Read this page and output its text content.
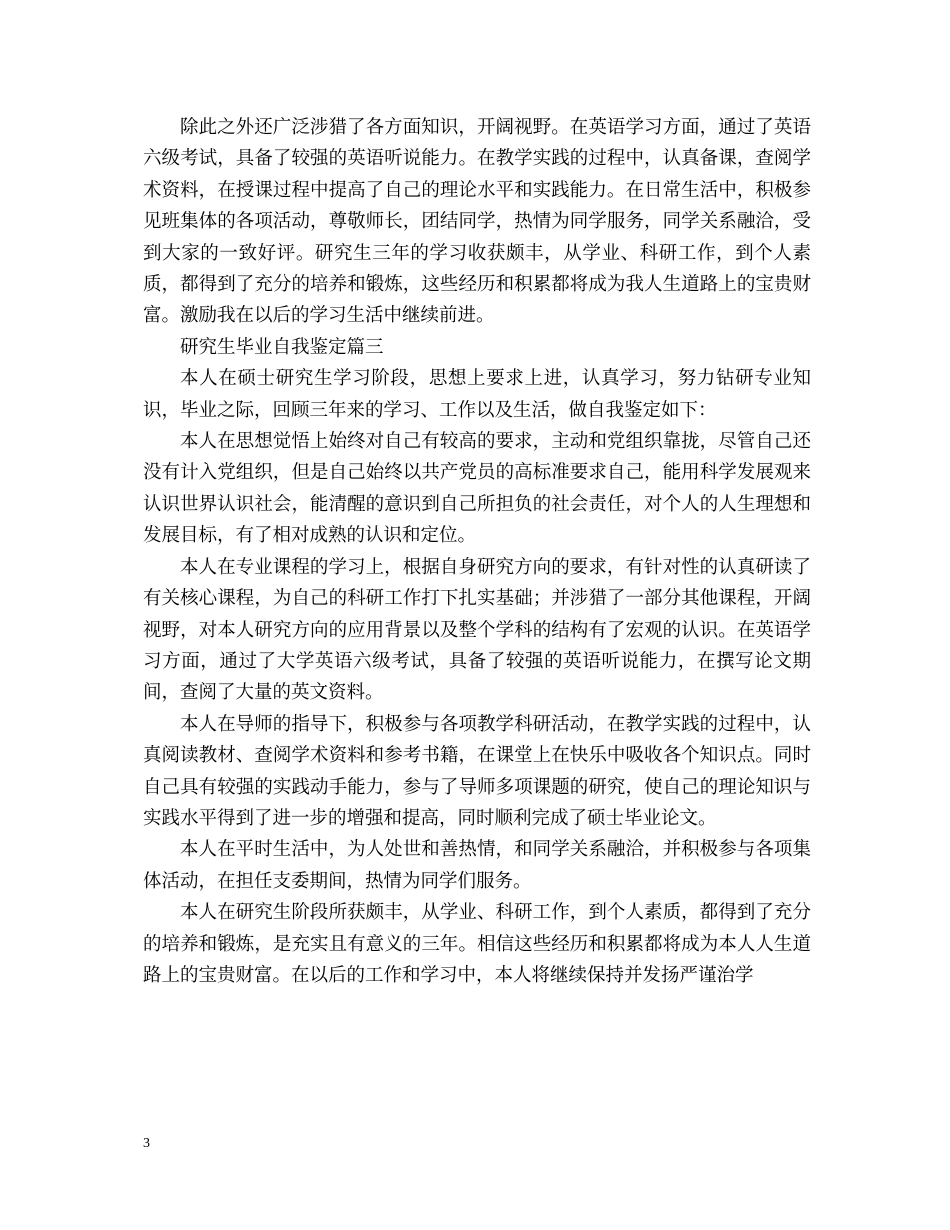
除此之外还广泛涉猎了各方面知识，开阔视野。在英语学习方面，通过了英语六级考试，具备了较强的英语听说能力。在教学实践的过程中，认真备课，查阅学术资料，在授课过程中提高了自己的理论水平和实践能力。在日常生活中，积极参见班集体的各项活动，尊敬师长，团结同学，热情为同学服务，同学关系融洽，受到大家的一致好评。研究生三年的学习收获颇丰，从学业、科研工作，到个人素质，都得到了充分的培养和锻炼，这些经历和积累都将成为我人生道路上的宝贵财富。激励我在以后的学习生活中继续前进。

研究生毕业自我鉴定篇三

本人在硕士研究生学习阶段，思想上要求上进，认真学习，努力钻研专业知识，毕业之际，回顾三年来的学习、工作以及生活，做自我鉴定如下：

本人在思想觉悟上始终对自己有较高的要求，主动和党组织靠拢，尽管自己还没有计入党组织，但是自己始终以共产党员的高标准要求自己，能用科学发展观来认识世界认识社会，能清醒的意识到自己所担负的社会责任，对个人的人生理想和发展目标，有了相对成熟的认识和定位。

本人在专业课程的学习上，根据自身研究方向的要求，有针对性的认真研读了有关核心课程，为自己的科研工作打下扎实基础；并涉猎了一部分其他课程，开阔视野，对本人研究方向的应用背景以及整个学科的结构有了宏观的认识。在英语学习方面，通过了大学英语六级考试，具备了较强的英语听说能力，在撰写论文期间，查阅了大量的英文资料。

本人在导师的指导下，积极参与各项教学科研活动，在教学实践的过程中，认真阅读教材、查阅学术资料和参考书籍，在课堂上在快乐中吸收各个知识点。同时自己具有较强的实践动手能力，参与了导师多项课题的研究，使自己的理论知识与实践水平得到了进一步的增强和提高，同时顺利完成了硕士毕业论文。

本人在平时生活中，为人处世和善热情，和同学关系融洽，并积极参与各项集体活动，在担任支委期间，热情为同学们服务。

本人在研究生阶段所获颇丰，从学业、科研工作，到个人素质，都得到了充分的培养和锻炼，是充实且有意义的三年。相信这些经历和积累都将成为本人人生道路上的宝贵财富。在以后的工作和学习中，本人将继续保持并发扬严谨治学

3
